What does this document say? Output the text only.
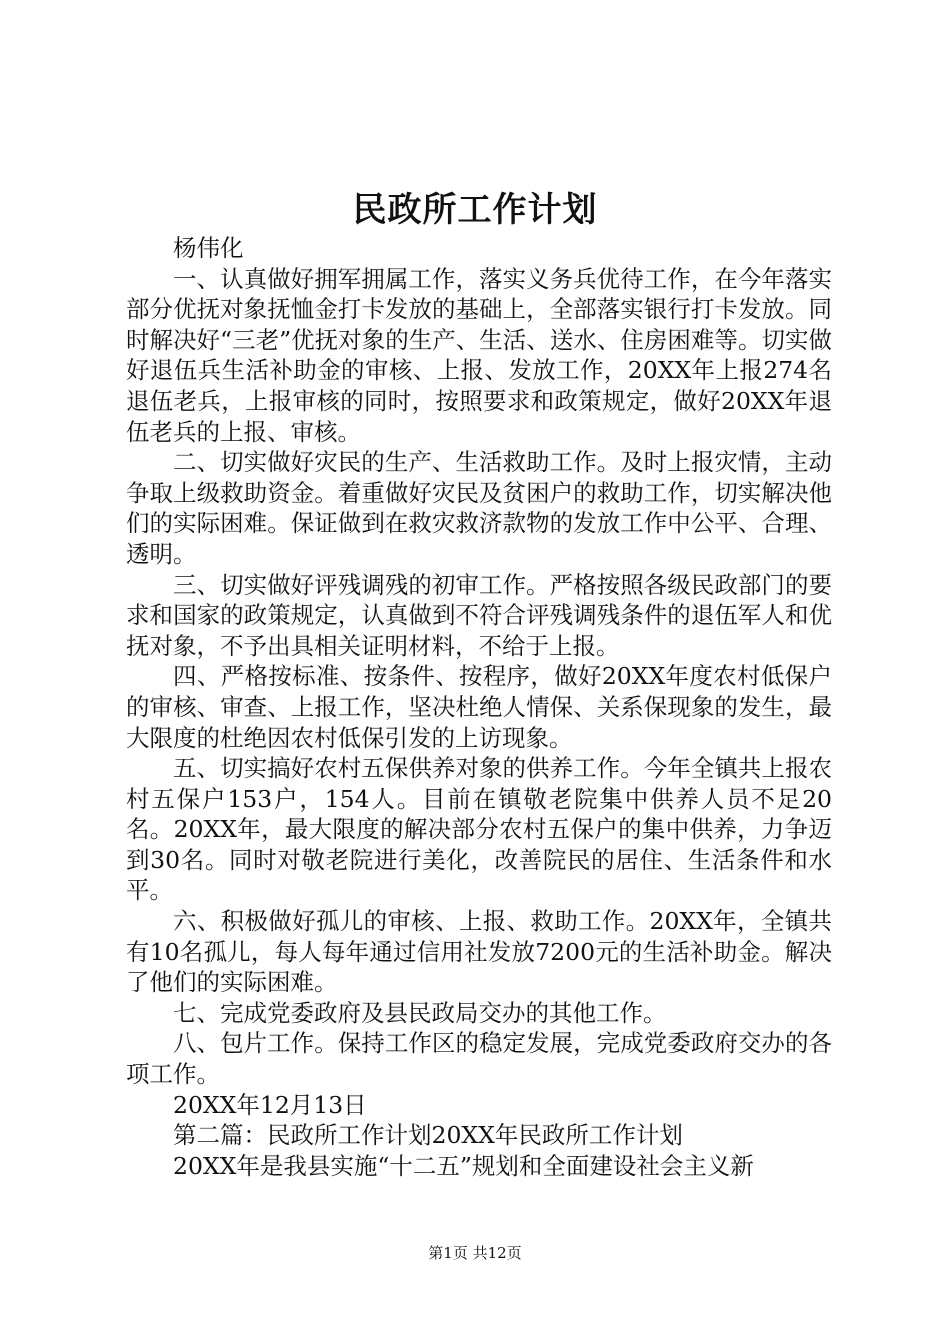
民政所工作计划

杨伟化

一、认真做好拥军拥属工作，落实义务兵优待工作，在今年落实部分优抚对象抚恤金打卡发放的基础上，全部落实银行打卡发放。同时解决好“三老”优抚对象的生产、生活、送水、住房困难等。切实做好退伍兵生活补助金的审核、上报、发放工作，20XX年上报274名退伍老兵，上报审核的同时，按照要求和政策规定，做好20XX年退伍老兵的上报、审核。

二、切实做好灾民的生产、生活救助工作。及时上报灾情，主动争取上级救助资金。着重做好灾民及贫困户的救助工作，切实解决他们的实际困难。保证做到在救灾救济款物的发放工作中公平、合理、透明。

三、切实做好评残调残的初审工作。严格按照各级民政部门的要求和国家的政策规定，认真做到不符合评残调残条件的退伍军人和优抚对象，不予出具相关证明材料，不给于上报。

四、严格按标准、按条件、按程序，做好20XX年度农村低保户的审核、审查、上报工作，坚决杜绝人情保、关系保现象的发生，最大限度的杜绝因农村低保引发的上访现象。

五、切实搞好农村五保供养对象的供养工作。今年全镇共上报农村五保户153户，154人。目前在镇敬老院集中供养人员不足20名。20XX年，最大限度的解决部分农村五保户的集中供养，力争迈到30名。同时对敬老院进行美化，改善院民的居住、生活条件和水平。

六、积极做好孤儿的审核、上报、救助工作。20XX年，全镇共有10名孤儿，每人每年通过信用社发放7200元的生活补助金。解决了他们的实际困难。

七、完成党委政府及县民政局交办的其他工作。

八、包片工作。保持工作区的稳定发展，完成党委政府交办的各项工作。

20XX年12月13日

第二篇：民政所工作计划20XX年民政所工作计划

20XX年是我县实施“十二五”规划和全面建设社会主义新

第1页 共12页
